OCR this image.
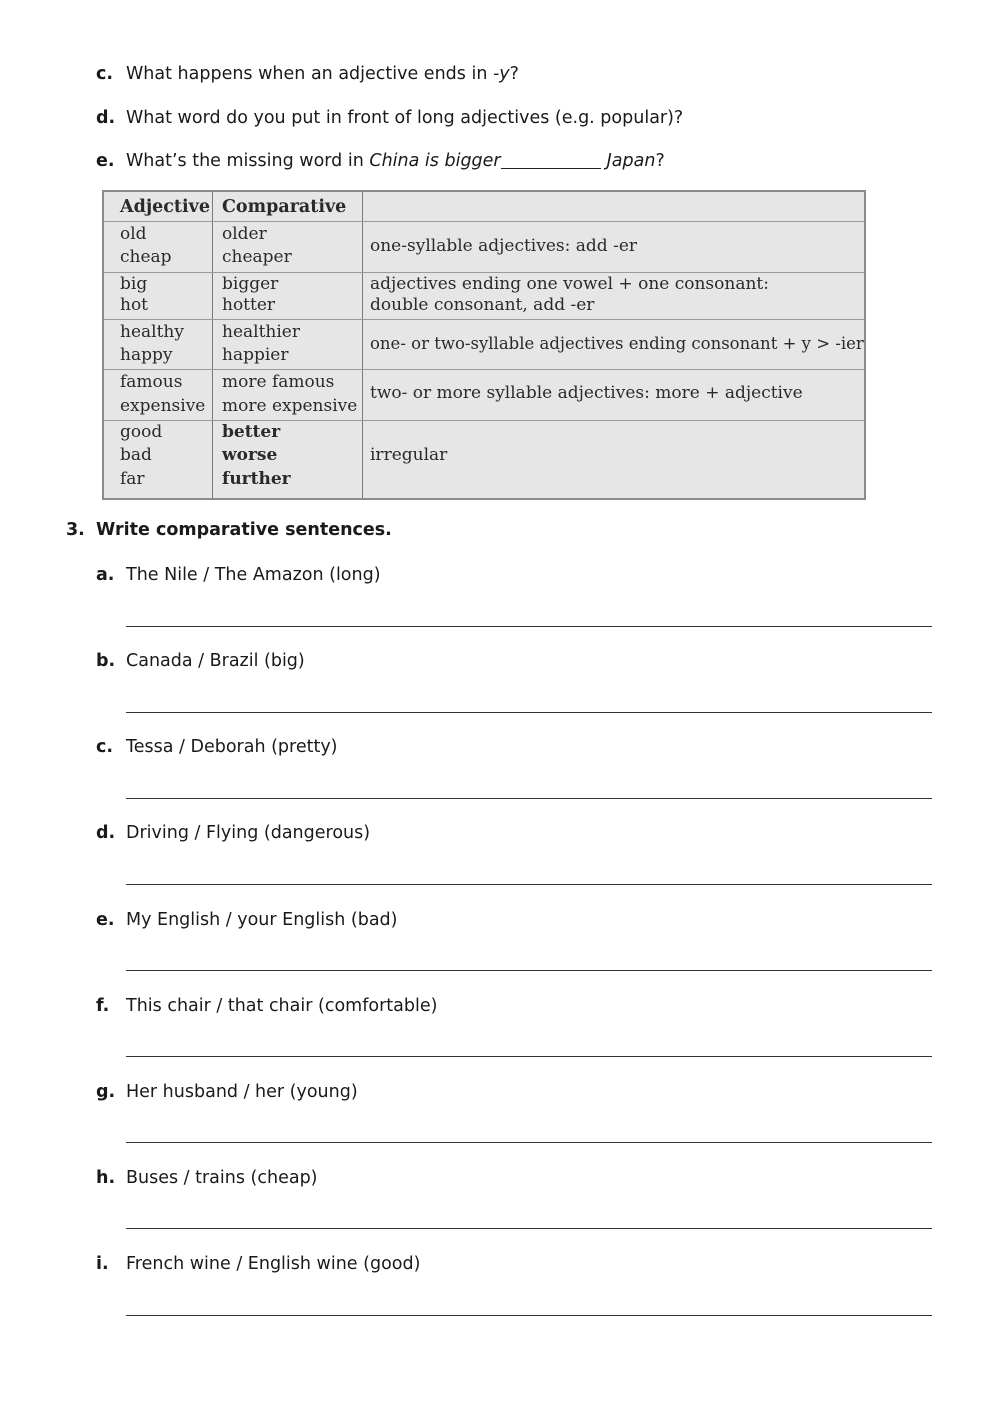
c. What happens when an adjective ends in -y?
d. What word do you put in front of long adjectives (e.g. popular)?
e. What’s the missing word in China is bigger	Japan?
Adjective Comparative
old
cheap
older
cheaper
one-syllable adjectives: add -er
big
hot
bigger
hotter
adjectives ending one vowel + one consonant:
double consonant, add -er
healthy
happy
healthier
happier
one- or two-syllable adjectives ending consonant + y > -ier
famous
expensive
more famous
more expensive
two- or more syllable adjectives: more + adjective
good
bad
far
better
worse
further
irregular
3. Write comparative sentences.
a. The Nile / The Amazon (long)
b. Canada / Brazil (big)
c. Tessa / Deborah (pretty)
d. Driving / Flying (dangerous)
e. My English / your English (bad)
f. This chair / that chair (comfortable)
g. Her husband / her (young)
h. Buses / trains (cheap)
i. French wine / English wine (good)
